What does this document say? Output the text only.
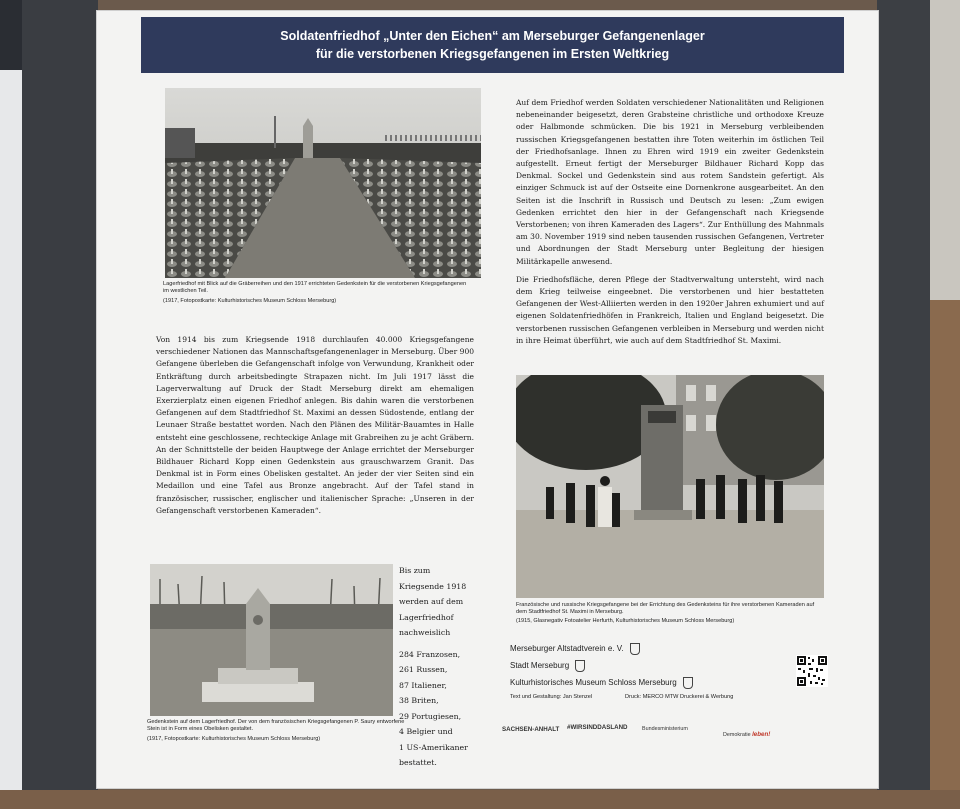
Soldatenfriedhof „Unter den Eichen“ am Merseburger Gefangenenlager
für die verstorbenen Kriegsgefangenen im Ersten Weltkrieg
Lagerfriedhof mit Blick auf die Gräberreihen und den 1917 errichteten Gedenkstein für die verstorbenen Kriegsgefangenen im westlichen Teil.
(1917, Fotopostkarte: Kulturhistorisches Museum Schloss Merseburg)

Auf dem Friedhof werden Soldaten verschiedener Nationalitäten und Religionen nebeneinander beigesetzt, deren Grabsteine christliche und orthodoxe Kreuze oder Halbmonde schmücken. Die bis 1921 in Merseburg verbleibenden russischen Kriegsgefangenen bestatten ihre Toten weiterhin im östlichen Teil der Friedhofsanlage. Ihnen zu Ehren wird 1919 ein zweiter Gedenkstein aufgestellt. Erneut fertigt der Merseburger Bildhauer Richard Kopp das Denkmal. Sockel und Gedenkstein sind aus rotem Sandstein gefertigt. Als einziger Schmuck ist auf der Ostseite eine Dornenkrone ausgearbeitet. An den Seiten ist die Inschrift in Russisch und Deutsch zu lesen: „Zum ewigen Gedenken errichtet den hier in der Gefangenschaft nach Kriegsende Verstorbenen; von ihren Kameraden des Lagers“. Zur Enthüllung des Mahnmals am 30. November 1919 sind neben tausenden russischen Gefangenen, Vertreter und Abordnungen der Stadt Merseburg unter Begleitung der hiesigen Militärkapelle anwesend.

Die Friedhofsfläche, deren Pflege der Stadtverwaltung untersteht, wird nach dem Krieg teilweise eingeebnet. Die verstorbenen und hier bestatteten Gefangenen der West-Alliierten werden in den 1920er Jahren exhumiert und auf eigenen Soldatenfriedhöfen in Frankreich, Italien und England beigesetzt. Die verstorbenen russischen Gefangenen verbleiben in Merseburg und werden nicht in ihre Heimat überführt, wie auch auf dem Stadtfriedhof St. Maximi.

Von 1914 bis zum Kriegsende 1918 durchlaufen 40.000 Kriegsgefangene verschiedener Nationen das Mannschaftsgefangenenlager in Merseburg. Über 900 Gefangene überleben die Gefangenschaft infolge von Verwundung, Krankheit oder Entkräftung durch arbeitsbedingte Strapazen nicht. Im Juli 1917 lässt die Lagerverwaltung auf Druck der Stadt Merseburg direkt am ehemaligen Exerzierplatz einen eigenen Friedhof anlegen. Bis dahin waren die verstorbenen Gefangenen auf dem Stadtfriedhof St. Maximi an dessen Südostende, entlang der Leunaer Straße bestattet worden. Nach den Plänen des Militär-Bauamtes in Halle entsteht eine geschlossene, rechteckige Anlage mit Grabreihen zu je acht Gräbern. An der Schnittstelle der beiden Hauptwege der Anlage errichtet der Merseburger Bildhauer Richard Kopp einen Gedenkstein aus grauschwarzem Granit. Das Denkmal ist in Form eines Obelisken gestaltet. An jeder der vier Seiten sind ein Medaillon und eine Tafel aus Bronze angebracht. Auf der Tafel stand in französischer, russischer, englischer und italienischer Sprache: „Unseren in der Gefangenschaft verstorbenen Kameraden“.

Französische und russische Kriegsgefangene bei der Errichtung des Gedenksteins für ihre verstorbenen Kameraden auf dem Stadtfriedhof St. Maximi in Merseburg.
(1915, Glasnegativ Fotoatelier Herfurth, Kulturhistorisches Museum Schloss Merseburg)
Gedenkstein auf dem Lagerfriedhof. Der von dem französischen Kriegsgefangenen P. Saury entworfene Stein ist in Form eines Obelisken gestaltet.
(1917, Fotopostkarte: Kulturhistorisches Museum Schloss Merseburg)
Bis zum
Kriegsende 1918
werden auf dem
Lagerfriedhof
nachweislich
284 Franzosen,
261 Russen,
87 Italiener,
38 Briten,
29 Portugiesen,
4 Belgier und
1 US-Amerikaner
bestattet.
Merseburger Altstadtverein e. V.
Stadt Merseburg
Kulturhistorisches Museum Schloss Merseburg
Text und Gestaltung: Jan Stenzel	Druck: MERCO MTW Druckerei & Werbung
SACHSEN-ANHALT #WIRSINDDASLAND	Bundesministerium
Demokratie leben!
